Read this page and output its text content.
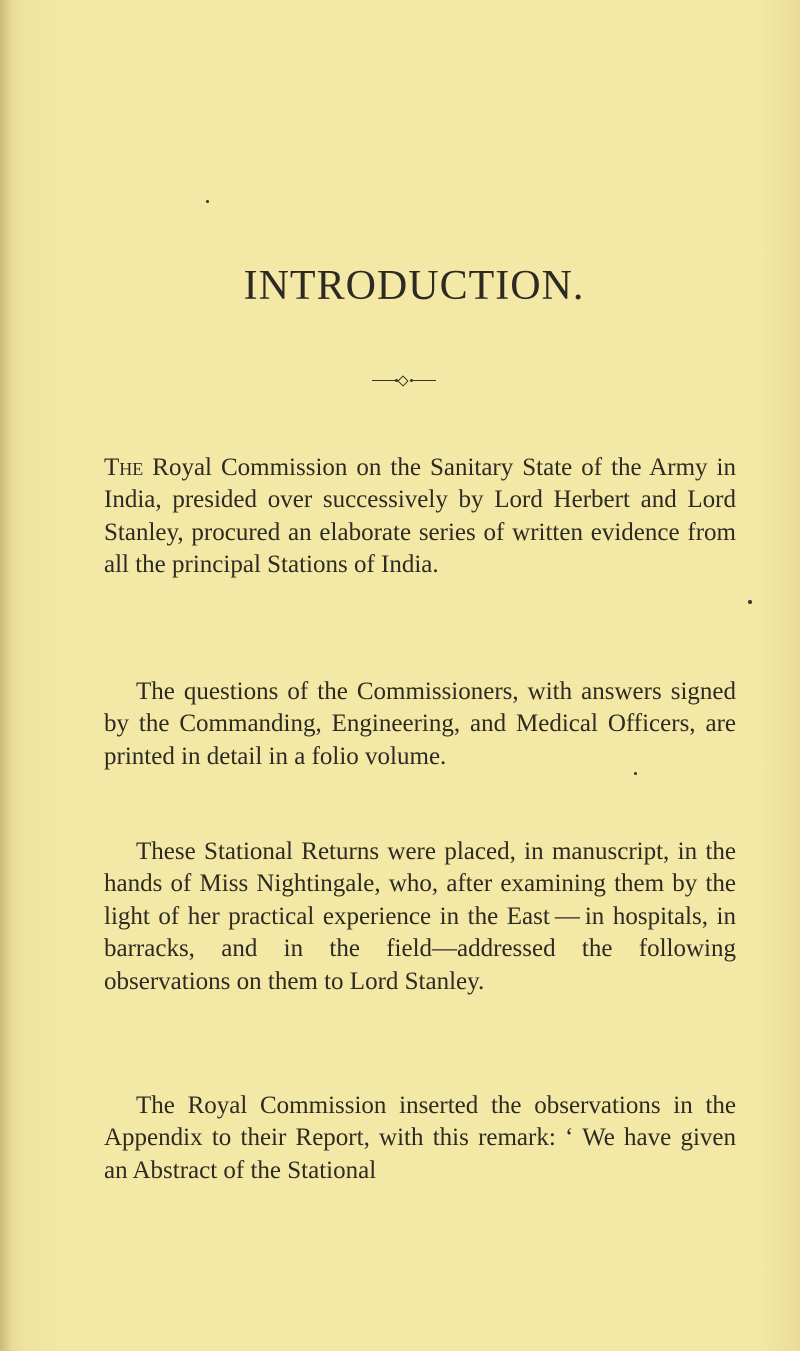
INTRODUCTION.

The Royal Commission on the Sanitary State of the Army in India, presided over successively by Lord Herbert and Lord Stanley, procured an elaborate series of written evidence from all the principal Stations of India.

The questions of the Commissioners, with answers signed by the Commanding, Engineering, and Medical Officers, are printed in detail in a folio volume.

These Stational Returns were placed, in manuscript, in the hands of Miss Nightingale, who, after examining them by the light of her practical experience in the East — in hospitals, in barracks, and in the field—addressed the following observations on them to Lord Stanley.

The Royal Commission inserted the observations in the Appendix to their Report, with this remark: ‘ We have given an Abstract of the Stational
